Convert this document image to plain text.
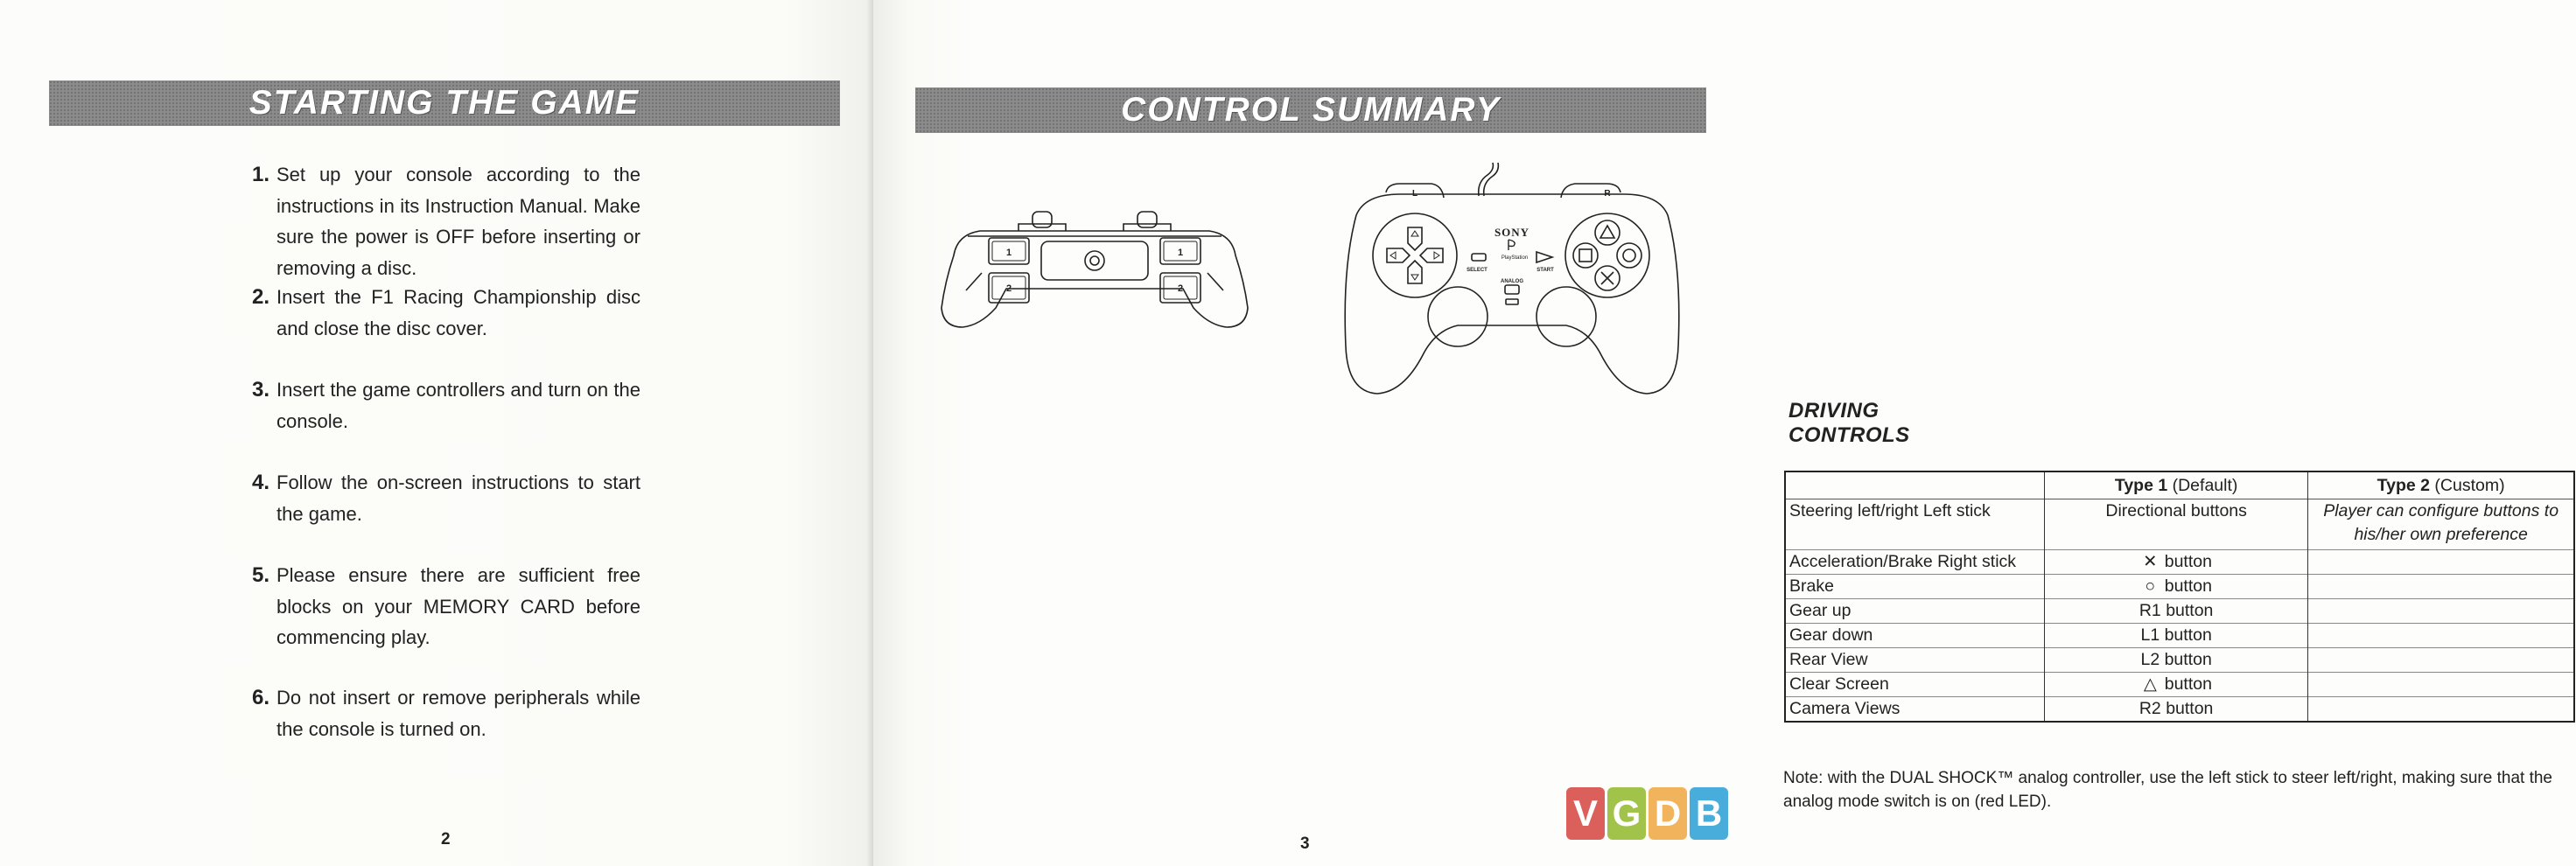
STARTING THE GAME
1. Set up your console according to the instructions in its Instruction Manual. Make sure the power is OFF before inserting or removing a disc.
2. Insert the F1 Racing Championship disc and close the disc cover.
3. Insert the game controllers and turn on the console.
4. Follow the on-screen instructions to start the game.
5. Please ensure there are sufficient free blocks on your MEMORY CARD before commencing play.
6. Do not insert or remove peripherals while the console is turned on.
2
CONTROL SUMMARY
1
2
1
2
L	R
SONY
PlayStation
SELECT	START
ANALOG
DRIVING CONTROLS
	Type 1 (Default)	Type 2 (Custom)
Steering left/right Left stick	Directional buttons	Player can configure buttons to his/her own preference
Acceleration/Brake Right stick	✕ button	
Brake	○ button	
Gear up	R1 button	
Gear down	L1 button	
Rear View	L2 button	
Clear Screen	△ button	
Camera Views	R2 button	
Note: with the DUAL SHOCK™ analog controller, use the left stick to steer left/right, making sure that the analog mode switch is on (red LED).
3
V G D B
